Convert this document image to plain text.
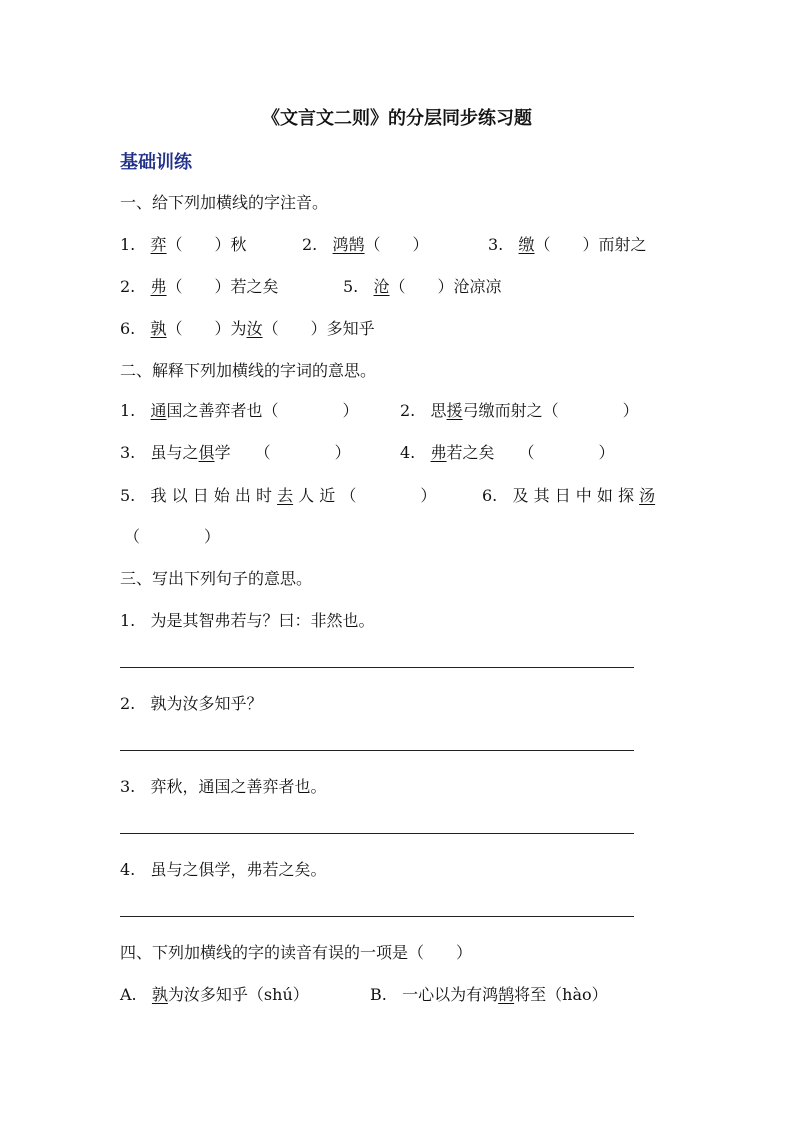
《文言文二则》的分层同步练习题
基础训练
一、给下列加横线的字注音。
1. 弈（　　）秋	2. 鸿鹄（　　）	3. 缴（　　）而射之
2. 弗（　　）若之矣	5. 沧（　　）沧凉凉
6. 孰（　　）为汝（　　）多知乎
二、解释下列加横线的字词的意思。
1. 通国之善弈者也（　　　　）	2. 思援弓缴而射之（　　　　）
3. 虽与之俱学　　（　　　　）	4. 弗若之矣　　（　　　　）
5. 我 以 日 始 出 时 去 人 近 （　　　　）	6. 及 其 日 中 如 探 汤
（　　　　）
三、写出下列句子的意思。
1. 为是其智弗若与？曰：非然也。
2. 孰为汝多知乎？
3. 弈秋，通国之善弈者也。
4. 虽与之俱学，弗若之矣。
四、下列加横线的字的读音有误的一项是（　　）
A. 孰为汝多知乎（shú）	B. 一心以为有鸿鹄将至（hào）
